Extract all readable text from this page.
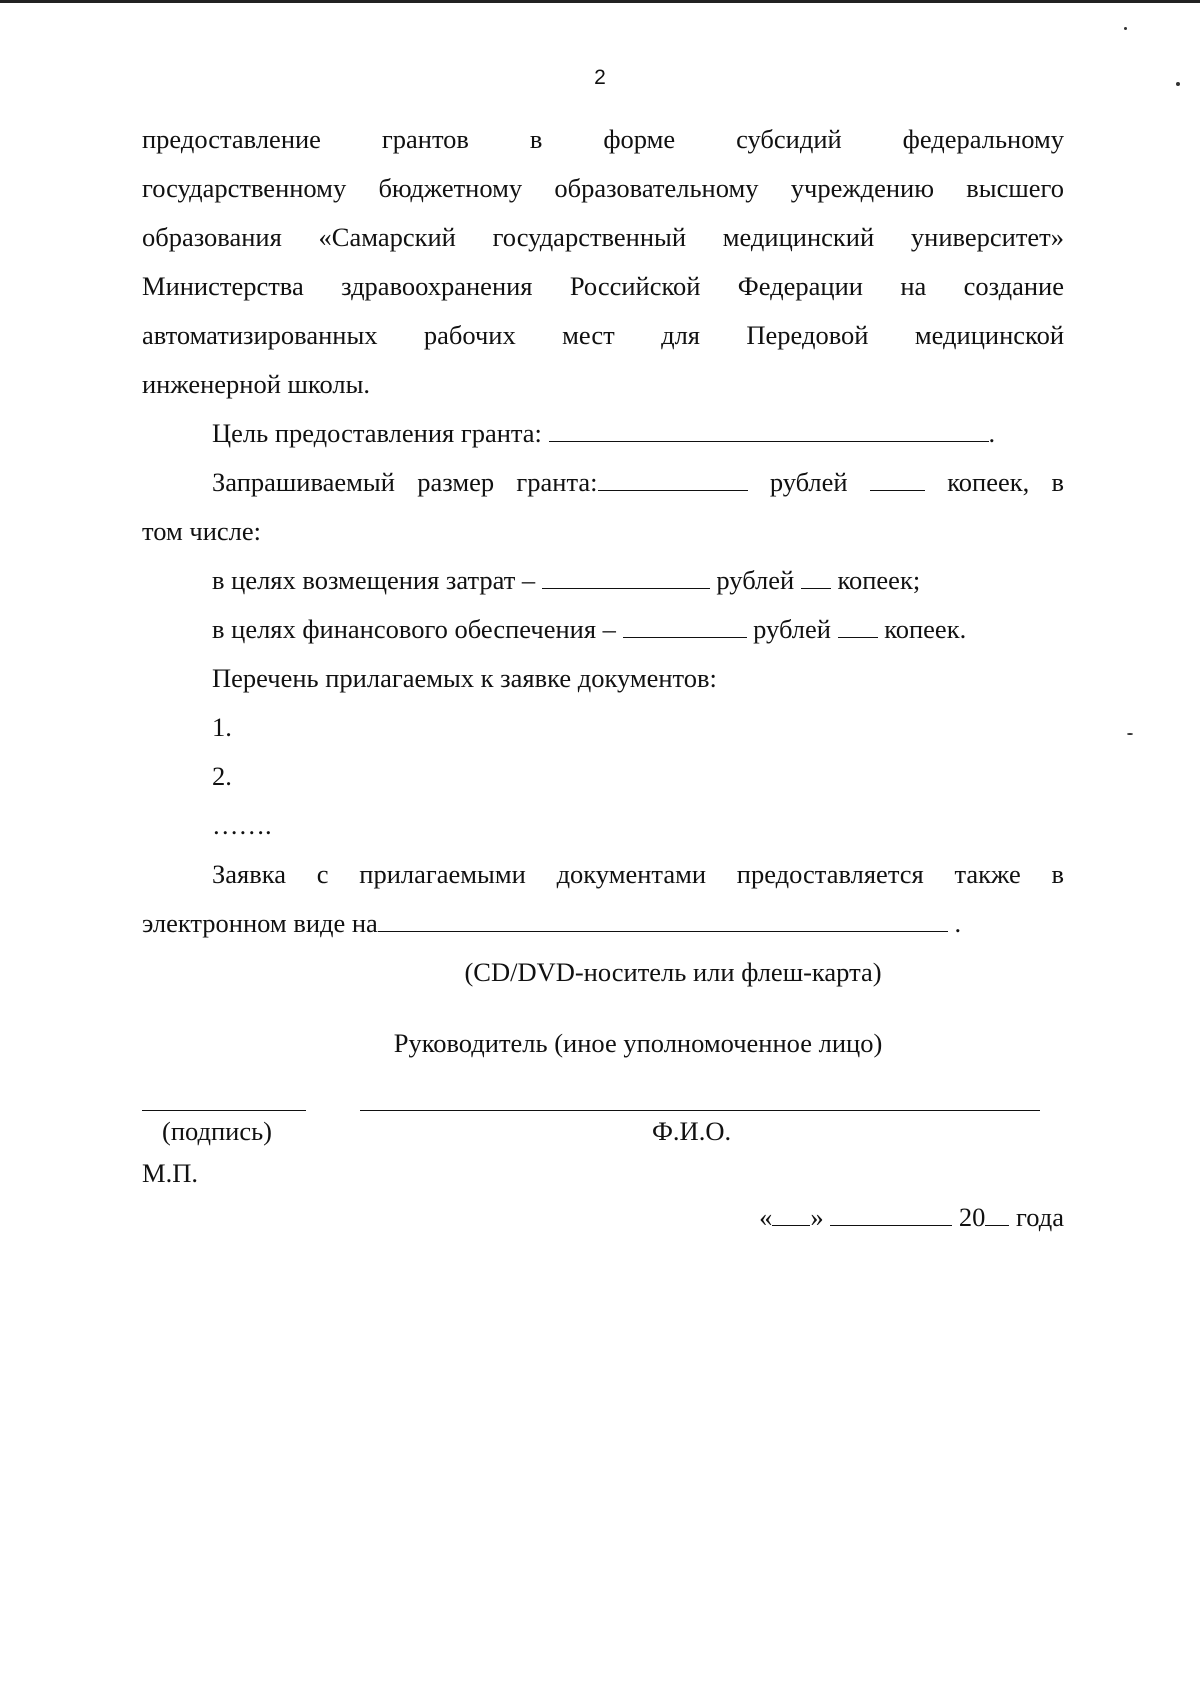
2

предоставление грантов в форме субсидий федеральному

государственному бюджетному образовательному учреждению высшего

образования «Самарский государственный медицинский университет»

Министерства здравоохранения Российской Федерации на создание

автоматизированных рабочих мест для Передовой медицинской

инженерной школы.

Цель предоставления гранта:	.

Запрашиваемый размер гранта:	рублей	копеек, в

том числе:

в целях возмещения затрат –	рублей копеек;

в целях финансового обеспечения –	рублей копеек.

Перечень прилагаемых к заявке документов:

1.

2.

…….

Заявка с прилагаемыми документами предоставляется также в

электронном виде на	.

(CD/DVD-носитель или флеш-карта)

Руководитель (иное уполномоченное лицо)

(подпись)	Ф.И.О.
М.П.
« »	20 года
